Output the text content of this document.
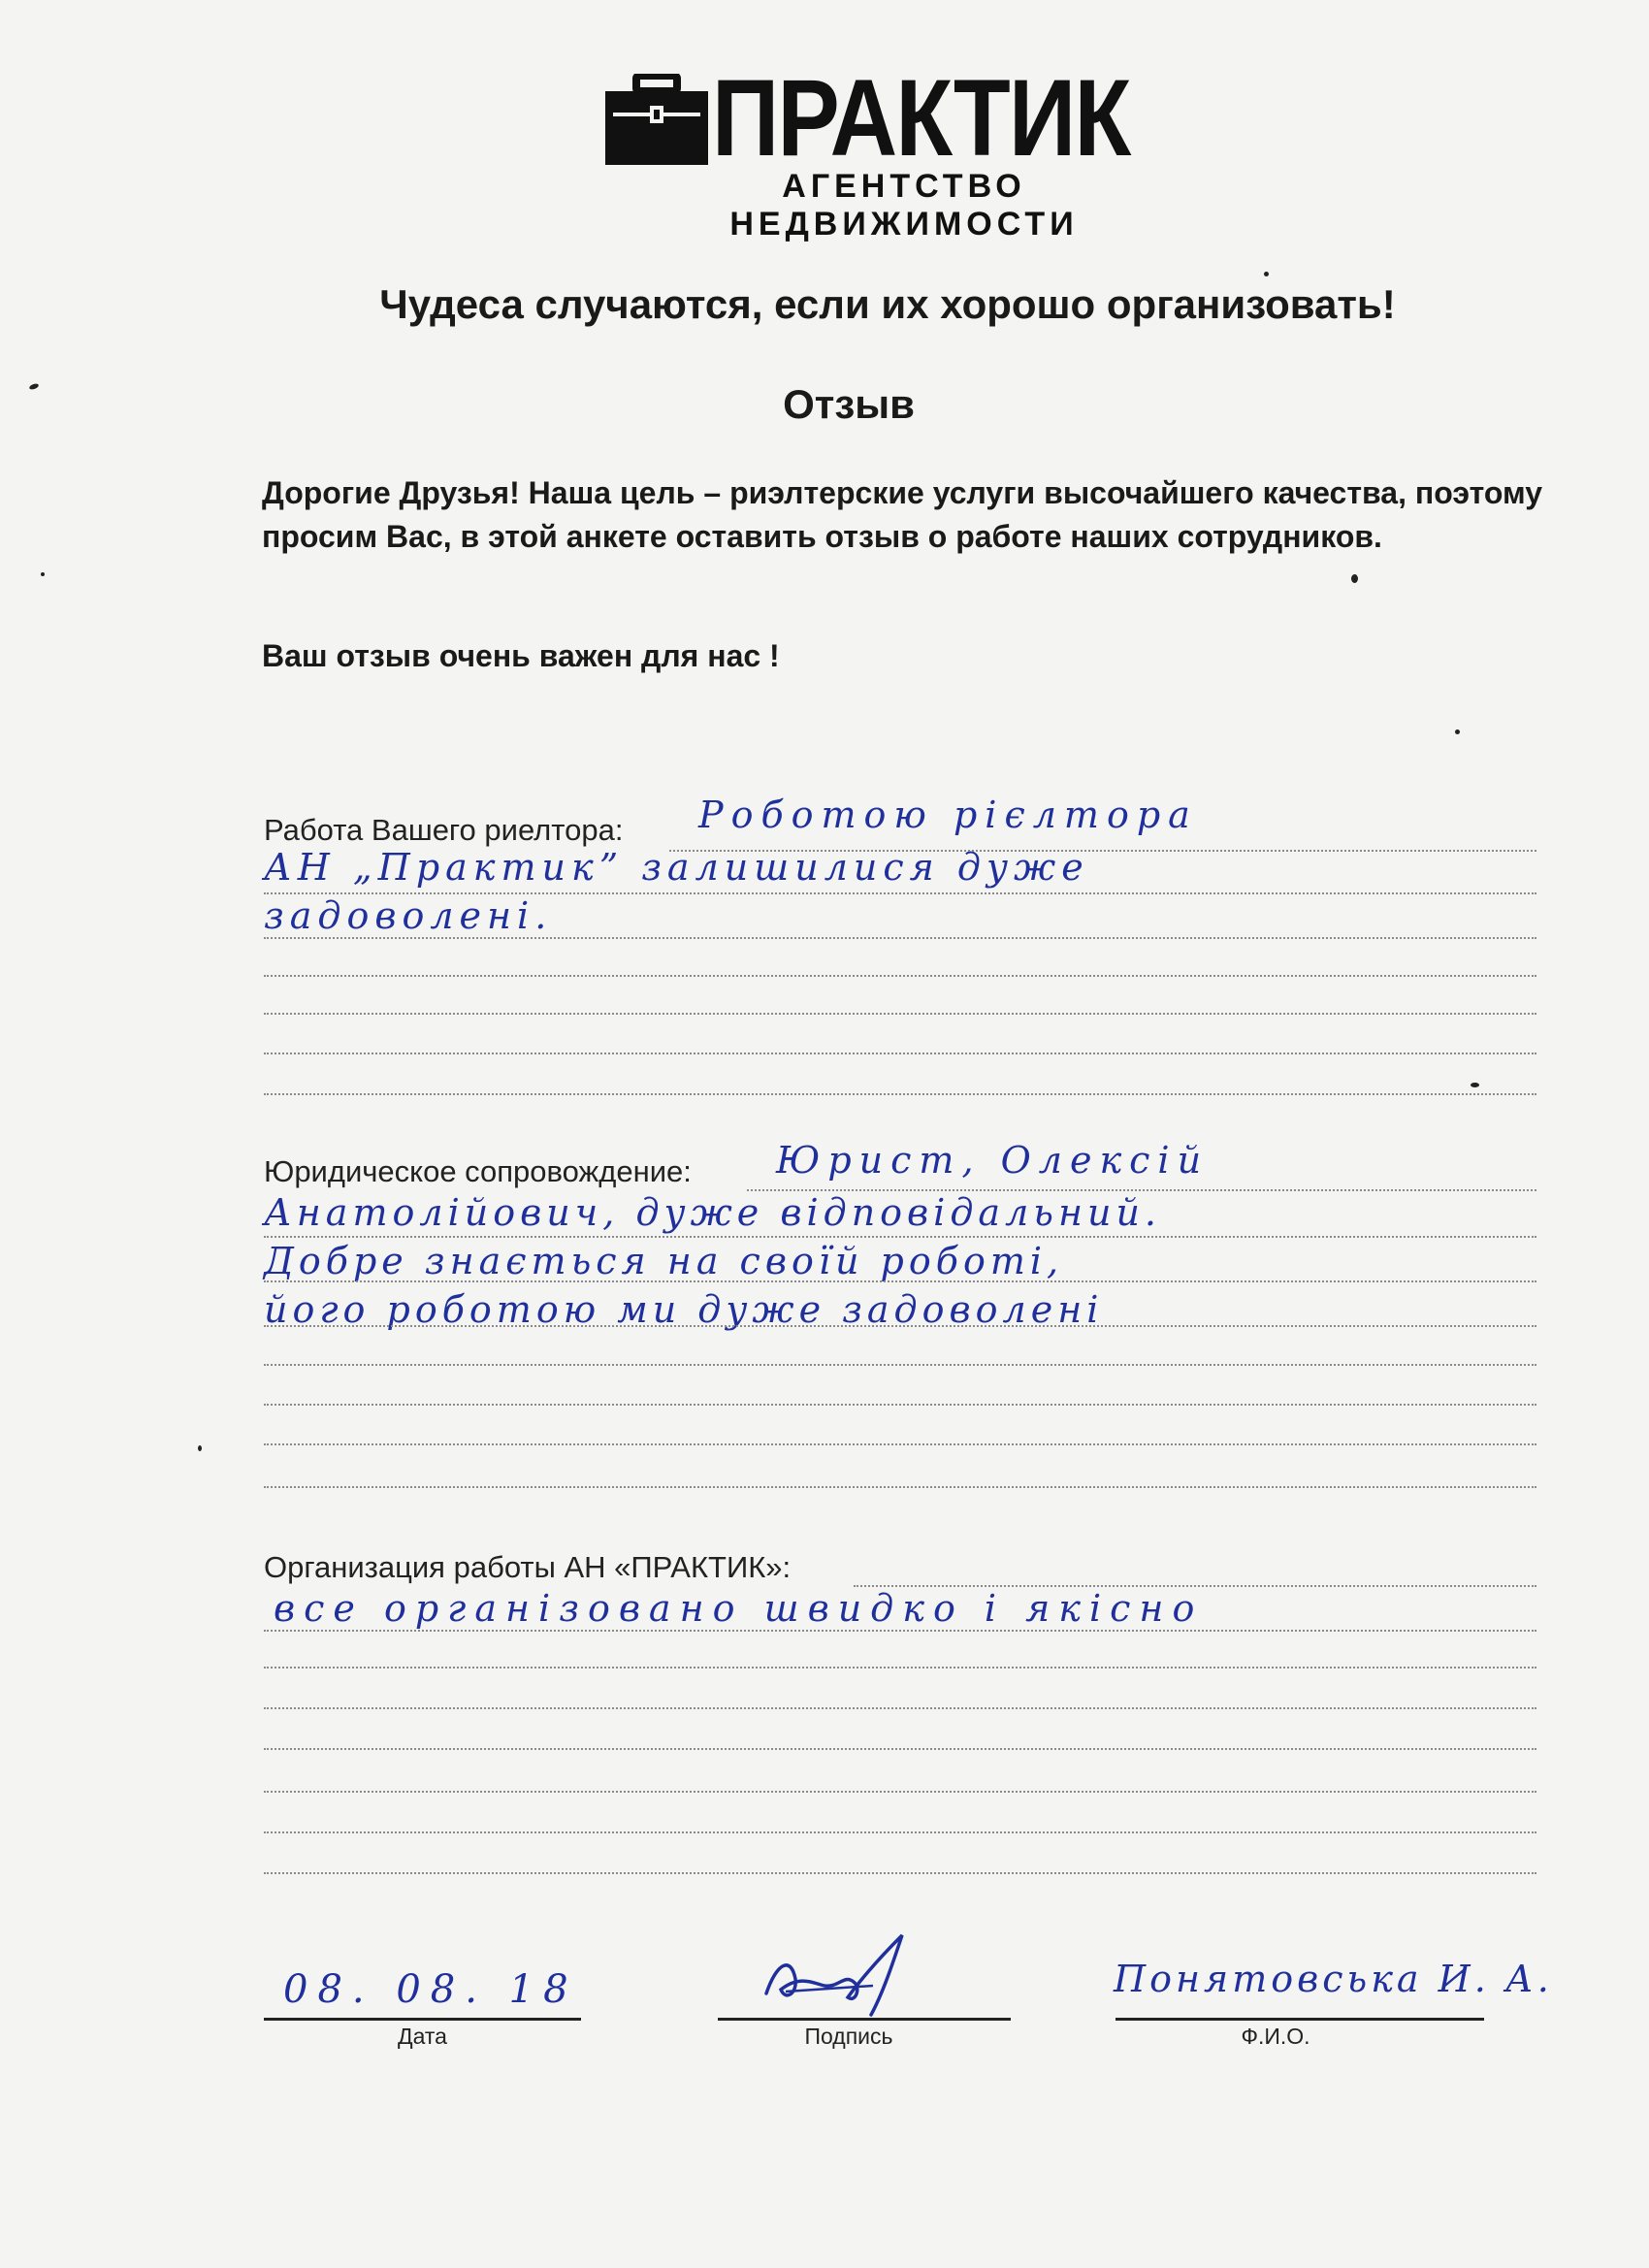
ПРАКТИК
АГЕНТСТВО НЕДВИЖИМОСТИ
Чудеса случаются, если их хорошо организовать!
Отзыв
Дорогие Друзья! Наша цель – риэлтерские услуги высочайшего качества, поэтому просим Вас, в этой анкете оставить отзыв о работе наших сотрудников.
Ваш отзыв очень важен для нас !
Работа Вашего риелтора: Роботою рієлтора
АН „Практик” залишилися дуже
задоволені.
Юридическое сопровождение: Юрист, Олексій
Анатолійович, дуже відповідальний.
Добре знається на своїй роботі,
його роботою ми дуже задоволені
Организация работы АН «ПРАКТИК»:
все організовано швидко і якісно
08. 08. 18
Дата	Подпись
Понятовська И. А.
Ф.И.О.
